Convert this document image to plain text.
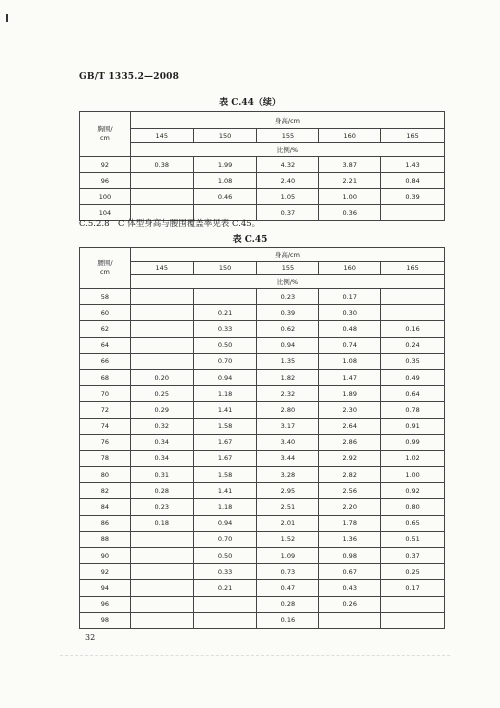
GB/T 1335.2—2008
表 C.44（续）
胸围/
cm	身高/cm				
	145	150	155	160	165
	比例/%				
92	0.38	1.99	4.32	3.87	1.43
96		1.08	2.40	2.21	0.84
100		0.46	1.05	1.00	0.39
104			0.37	0.36	
C.5.2.8　C 体型身高与腰围覆盖率见表 C.45。
表 C.45
腰围/
cm	身高/cm				
	145	150	155	160	165
	比例/%				
58			0.23	0.17	
60		0.21	0.39	0.30	
62		0.33	0.62	0.48	0.16
64		0.50	0.94	0.74	0.24
66		0.70	1.35	1.08	0.35
68	0.20	0.94	1.82	1.47	0.49
70	0.25	1.18	2.32	1.89	0.64
72	0.29	1.41	2.80	2.30	0.78
74	0.32	1.58	3.17	2.64	0.91
76	0.34	1.67	3.40	2.86	0.99
78	0.34	1.67	3.44	2.92	1.02
80	0.31	1.58	3.28	2.82	1.00
82	0.28	1.41	2.95	2.56	0.92
84	0.23	1.18	2.51	2.20	0.80
86	0.18	0.94	2.01	1.78	0.65
88		0.70	1.52	1.36	0.51
90		0.50	1.09	0.98	0.37
92		0.33	0.73	0.67	0.25
94		0.21	0.47	0.43	0.17
96			0.28	0.26	
98			0.16		
32
